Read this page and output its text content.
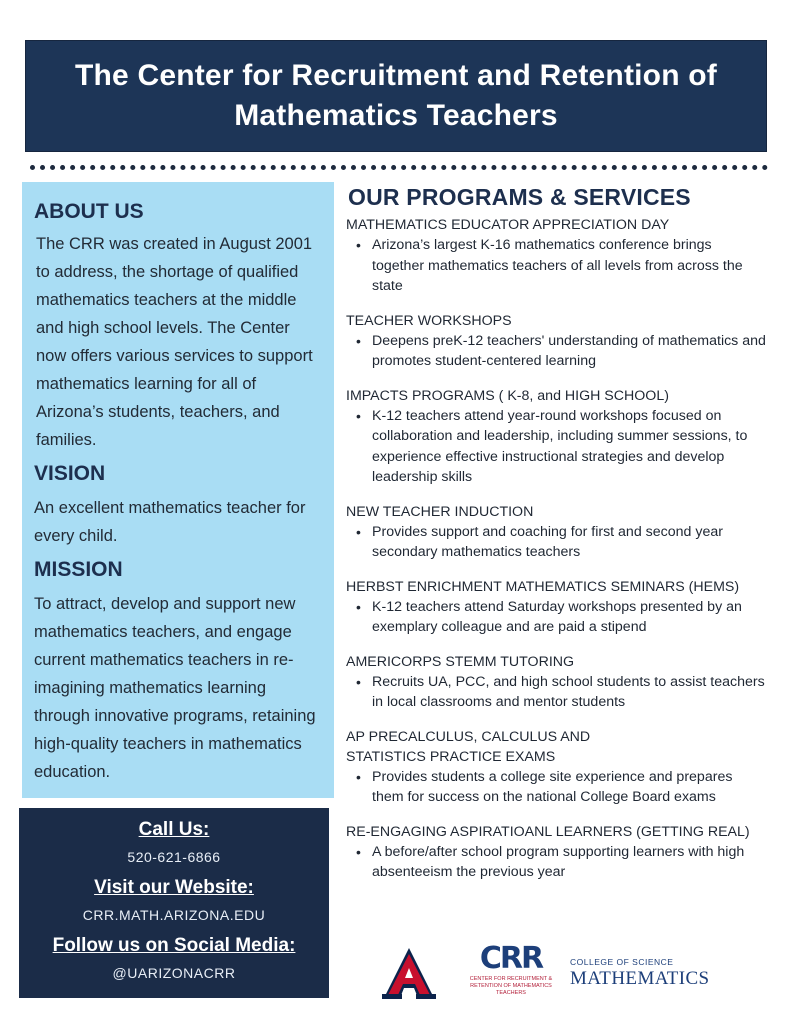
The Center for Recruitment and Retention of Mathematics Teachers
ABOUT US

The CRR was created in August 2001 to address, the shortage of qualified mathematics teachers at the middle and high school levels. The Center now offers various services to support mathematics learning for all of Arizona’s students, teachers, and families.

VISION

An excellent mathematics teacher for every child.

MISSION

To attract, develop and support new mathematics teachers, and engage current mathematics teachers in re-imagining mathematics learning through innovative programs, retaining high-quality teachers in mathematics education.

Call Us:
520-621-6866
Visit our Website:
CRR.MATH.ARIZONA.EDU
Follow us on Social Media:
@UARIZONACRR
OUR PROGRAMS & SERVICES

MATHEMATICS EDUCATOR APPRECIATION DAY

• Arizona’s largest K-16 mathematics conference brings together mathematics teachers of all levels from across the state

TEACHER WORKSHOPS

• Deepens preK-12 teachers' understanding of mathematics and promotes student-centered learning

IMPACTS PROGRAMS ( K-8, and HIGH SCHOOL)

• K-12 teachers attend year-round workshops focused on collaboration and leadership, including summer sessions, to experience effective instructional strategies and develop leadership skills

NEW TEACHER INDUCTION

• Provides support and coaching for first and second year secondary mathematics teachers

HERBST ENRICHMENT MATHEMATICS SEMINARS (HEMS)

• K-12 teachers attend Saturday workshops presented by an exemplary colleague and are paid a stipend

AMERICORPS STEMM TUTORING

• Recruits UA, PCC, and high school students to assist teachers in local classrooms and mentor students

AP PRECALCULUS, CALCULUS AND STATISTICS PRACTICE EXAMS

• Provides students a college site experience and prepares them for success on the national College Board exams

RE-ENGAGING ASPIRATIOANL LEARNERS (GETTING REAL)

• A before/after school program supporting learners with high absenteeism the previous year

CRR
CENTER FOR RECRUITMENT & RETENTION OF MATHEMATICS TEACHERS
COLLEGE OF SCIENCE
MATHEMATICS
